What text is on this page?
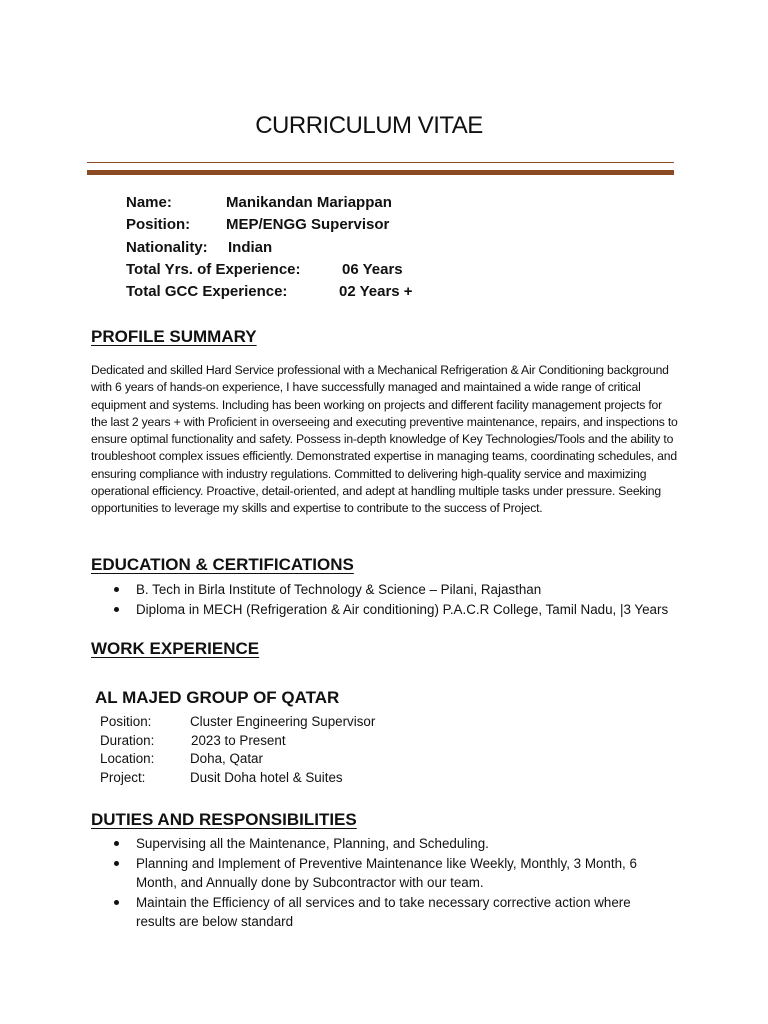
CURRICULUM VITAE
Name:	Manikandan Mariappan
Position: MEP/ENGG Supervisor
Nationality: Indian
Total Yrs. of Experience:	06 Years
Total GCC Experience:	02 Years +
PROFILE SUMMARY
Dedicated and skilled Hard Service professional with a Mechanical Refrigeration & Air Conditioning background with 6 years of hands-on experience, I have successfully managed and maintained a wide range of critical equipment and systems. Including has been working on projects and different facility management projects for the last 2 years + with Proficient in overseeing and executing preventive maintenance, repairs, and inspections to ensure optimal functionality and safety. Possess in-depth knowledge of Key Technologies/Tools and the ability to troubleshoot complex issues efficiently. Demonstrated expertise in managing teams, coordinating schedules, and ensuring compliance with industry regulations. Committed to delivering high-quality service and maximizing operational efficiency. Proactive, detail-oriented, and adept at handling multiple tasks under pressure. Seeking opportunities to leverage my skills and expertise to contribute to the success of Project.
EDUCATION & CERTIFICATIONS
B. Tech in Birla Institute of Technology & Science – Pilani, Rajasthan
Diploma in MECH (Refrigeration & Air conditioning) P.A.C.R College, Tamil Nadu, |3 Years
WORK EXPERIENCE
AL MAJED GROUP OF QATAR
Position:	Cluster Engineering Supervisor
Duration:	2023 to Present
Location:	Doha, Qatar
Project:	Dusit Doha hotel & Suites
DUTIES AND RESPONSIBILITIES
Supervising all the Maintenance, Planning, and Scheduling.
Planning and Implement of Preventive Maintenance like Weekly, Monthly, 3 Month, 6 Month, and Annually done by Subcontractor with our team.
Maintain the Efficiency of all services and to take necessary corrective action where results are below standard
